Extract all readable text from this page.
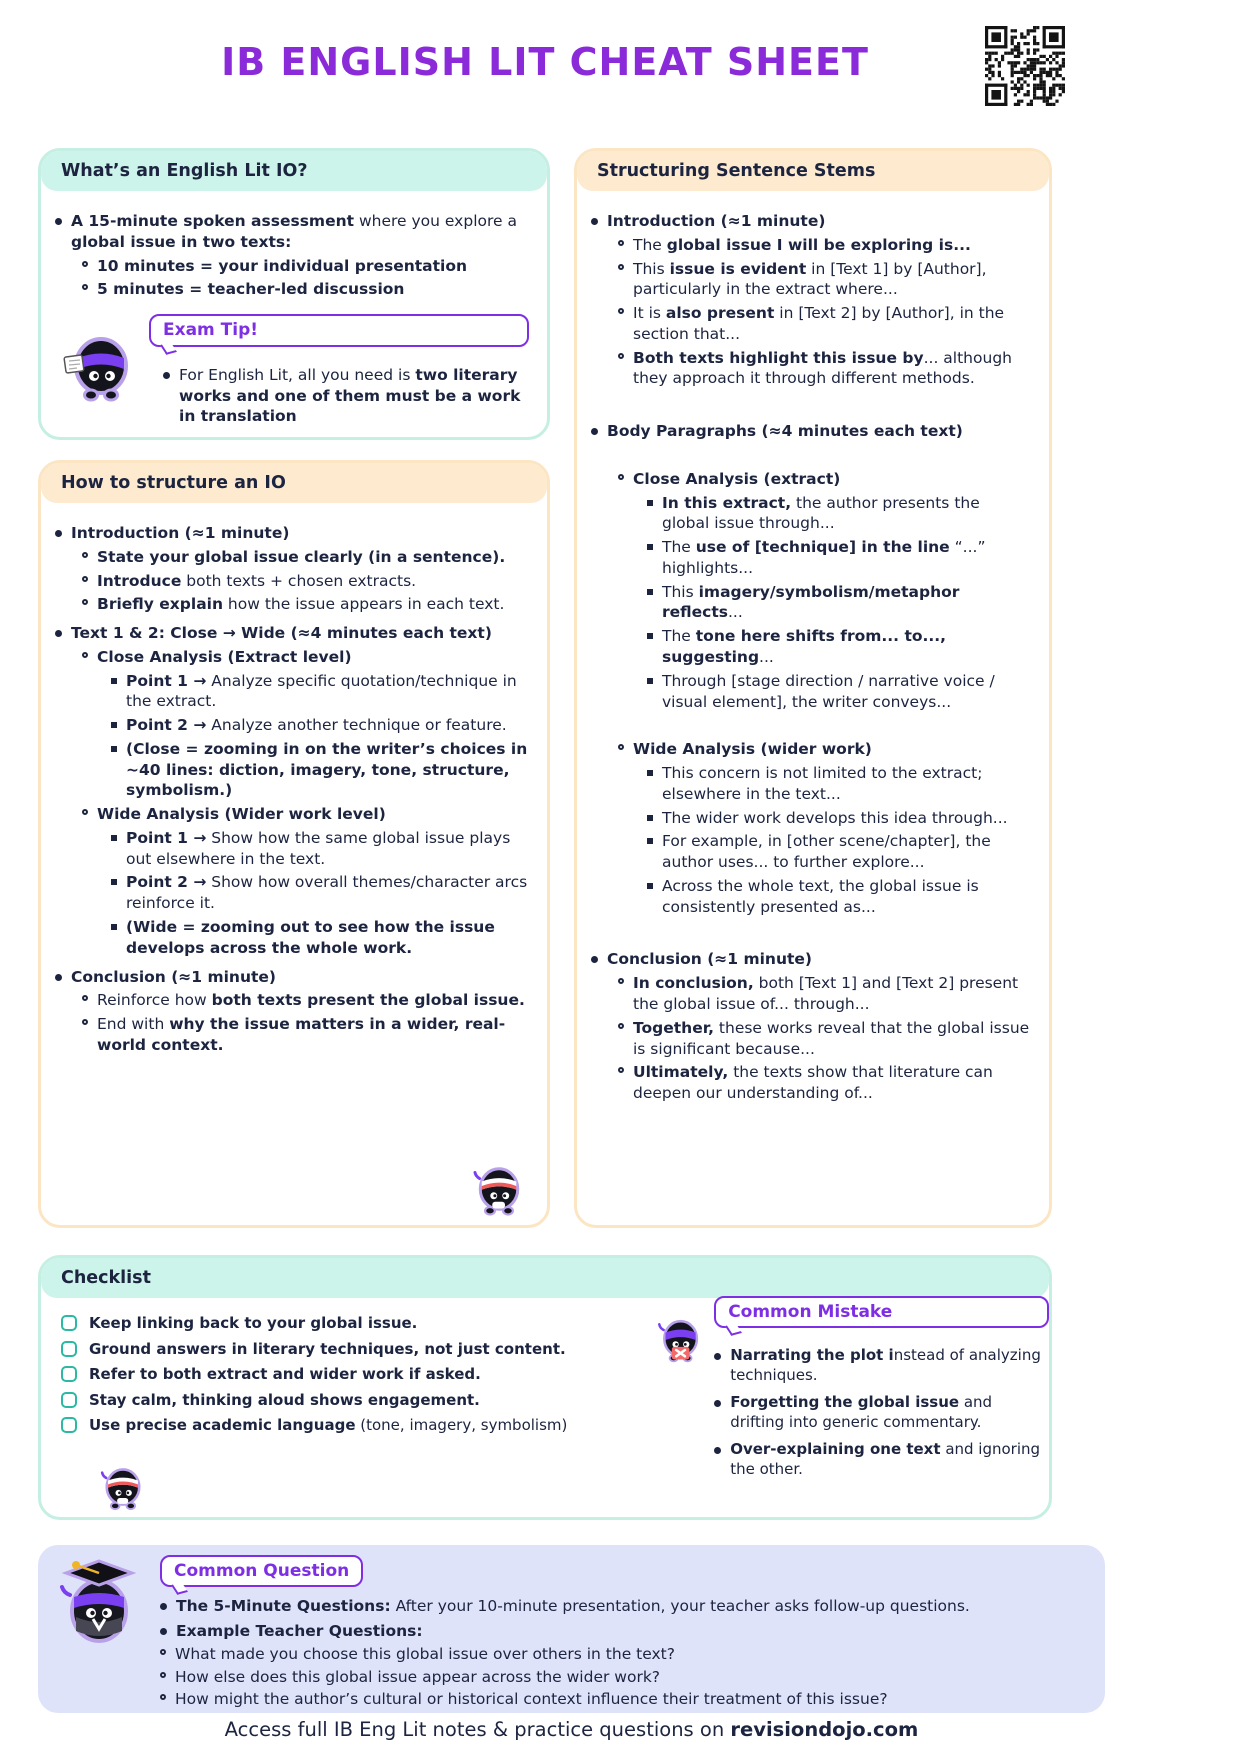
IB ENGLISH LIT CHEAT SHEET
What’s an English Lit IO?
A 15-minute spoken assessment where you explore a global issue in two texts:
10 minutes = your individual presentation
5 minutes = teacher-led discussion
Exam Tip!
For English Lit, all you need is two literary works and one of them must be a work in translation
How to structure an IO
Introduction (≈1 minute)
State your global issue clearly (in a sentence).
Introduce both texts + chosen extracts.
Briefly explain how the issue appears in each text.
Text 1 & 2: Close → Wide (≈4 minutes each text)
Close Analysis (Extract level)
Point 1 → Analyze specific quotation/technique in the extract.
Point 2 → Analyze another technique or feature.
(Close = zooming in on the writer’s choices in ~40 lines: diction, imagery, tone, structure, symbolism.)
Wide Analysis (Wider work level)
Point 1 → Show how the same global issue plays out elsewhere in the text.
Point 2 → Show how overall themes/character arcs reinforce it.
(Wide = zooming out to see how the issue develops across the whole work.
Conclusion (≈1 minute)
Reinforce how both texts present the global issue.
End with why the issue matters in a wider, real-world context.
Structuring Sentence Stems
Introduction (≈1 minute)
The global issue I will be exploring is...
This issue is evident in [Text 1] by [Author], particularly in the extract where...
It is also present in [Text 2] by [Author], in the section that...
Both texts highlight this issue by... although they approach it through different methods.
Body Paragraphs (≈4 minutes each text)
Close Analysis (extract)
In this extract, the author presents the global issue through...
The use of [technique] in the line “...” highlights...
This imagery/symbolism/metaphor reflects...
The tone here shifts from... to..., suggesting...
Through [stage direction / narrative voice / visual element], the writer conveys...
Wide Analysis (wider work)
This concern is not limited to the extract; elsewhere in the text...
The wider work develops this idea through...
For example, in [other scene/chapter], the author uses... to further explore...
Across the whole text, the global issue is consistently presented as...
Conclusion (≈1 minute)
In conclusion, both [Text 1] and [Text 2] present the global issue of... through...
Together, these works reveal that the global issue is significant because...
Ultimately, the texts show that literature can deepen our understanding of...
Checklist
Keep linking back to your global issue.
Ground answers in literary techniques, not just content.
Refer to both extract and wider work if asked.
Stay calm, thinking aloud shows engagement.
Use precise academic language (tone, imagery, symbolism)
Common Mistake
Narrating the plot instead of analyzing techniques.
Forgetting the global issue and drifting into generic commentary.
Over-explaining one text and ignoring the other.
Common Question
The 5-Minute Questions: After your 10-minute presentation, your teacher asks follow-up questions.
Example Teacher Questions:
What made you choose this global issue over others in the text?
How else does this global issue appear across the wider work?
How might the author’s cultural or historical context influence their treatment of this issue?
Access full IB Eng Lit notes & practice questions on revisiondojo.com
